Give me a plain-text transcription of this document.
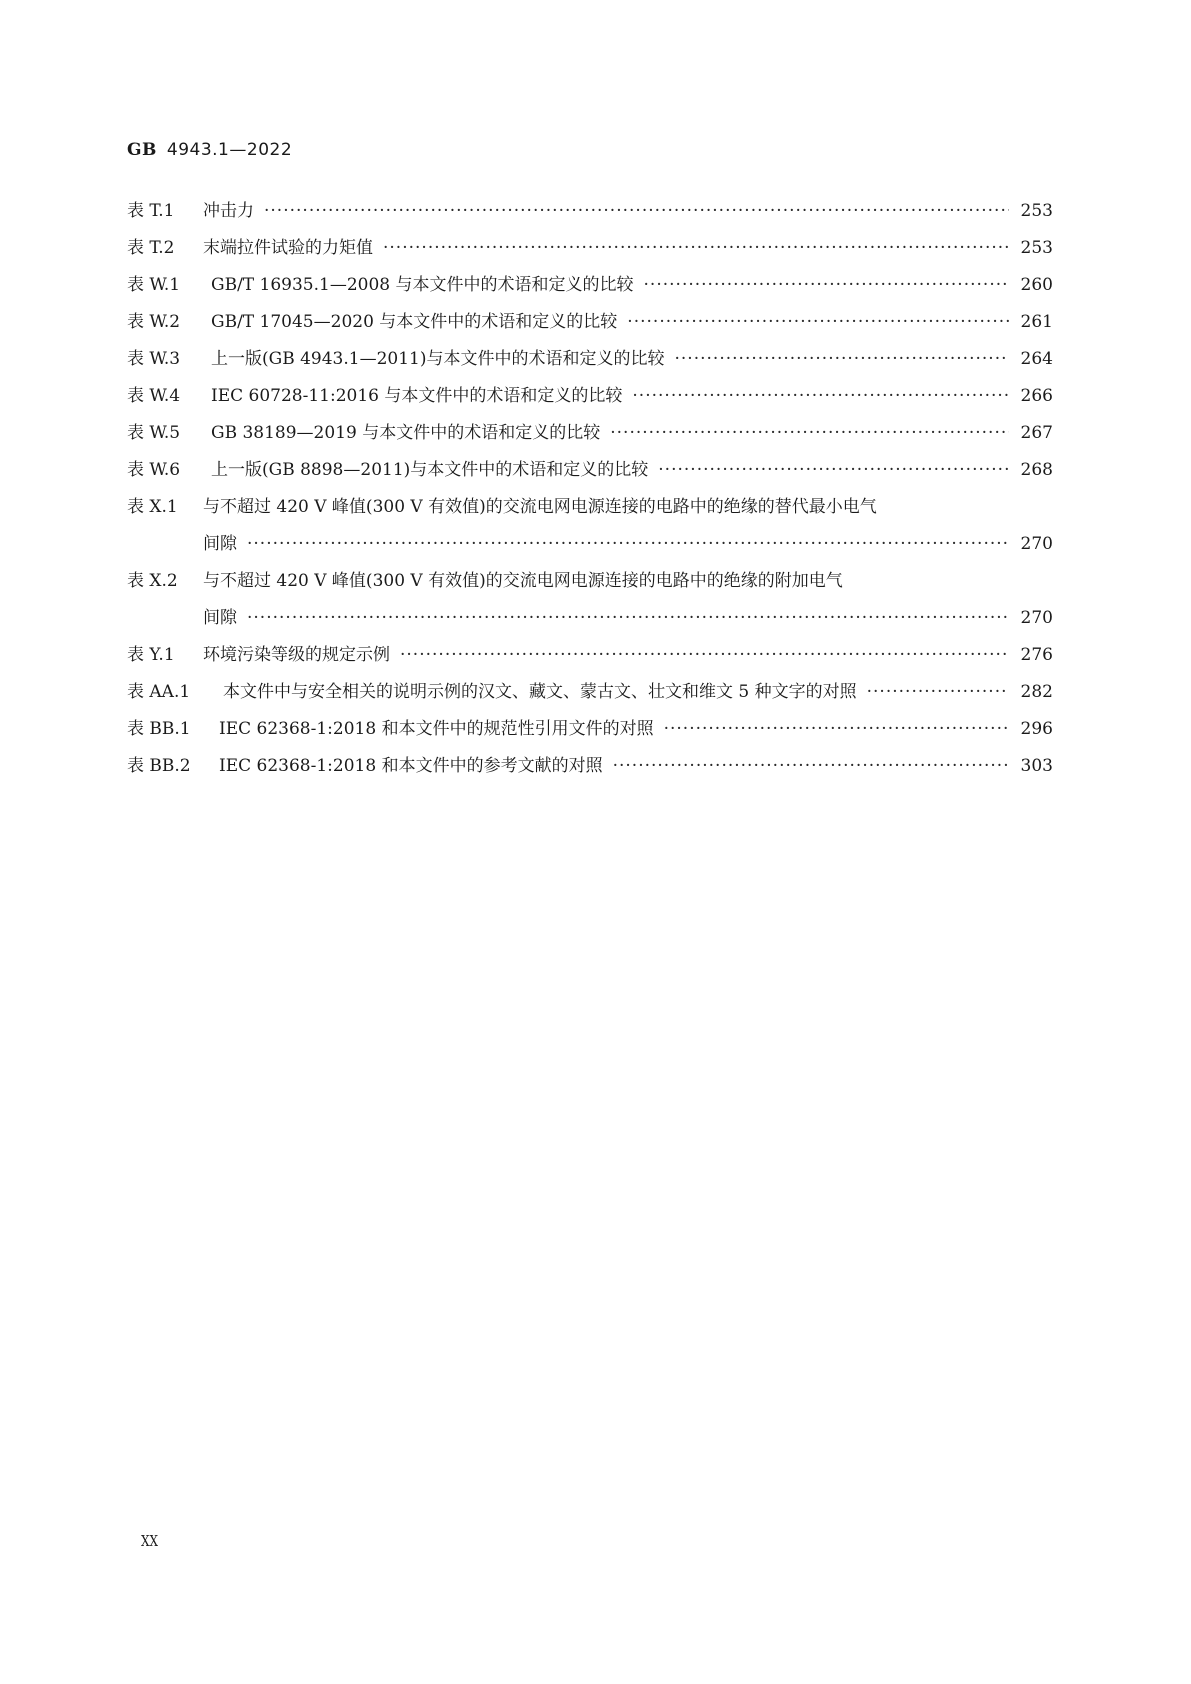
GB 4943.1—2022
表 T.1	冲击力 ·····	253
表 T.2	末端拉件试验的力矩值 ·····	253
表 W.1	GB/T 16935.1—2008 与本文件中的术语和定义的比较 ·····	260
表 W.2	GB/T 17045—2020 与本文件中的术语和定义的比较 ·····	261
表 W.3	上一版(GB 4943.1—2011)与本文件中的术语和定义的比较 ·····	264
表 W.4	IEC 60728-11:2016 与本文件中的术语和定义的比较 ·····	266
表 W.5	GB 38189—2019 与本文件中的术语和定义的比较 ·····	267
表 W.6	上一版(GB 8898—2011)与本文件中的术语和定义的比较 ·····	268
表 X.1	与不超过 420 V 峰值(300 V 有效值)的交流电网电源连接的电路中的绝缘的替代最小电气
间隙 ·····	270
表 X.2	与不超过 420 V 峰值(300 V 有效值)的交流电网电源连接的电路中的绝缘的附加电气
间隙 ·····	270
表 Y.1	环境污染等级的规定示例 ·····	276
表 AA.1	本文件中与安全相关的说明示例的汉文、藏文、蒙古文、壮文和维文 5 种文字的对照 ·····	282
表 BB.1	IEC 62368-1:2018 和本文件中的规范性引用文件的对照 ·····	296
表 BB.2	IEC 62368-1:2018 和本文件中的参考文献的对照 ·····	303
XX
